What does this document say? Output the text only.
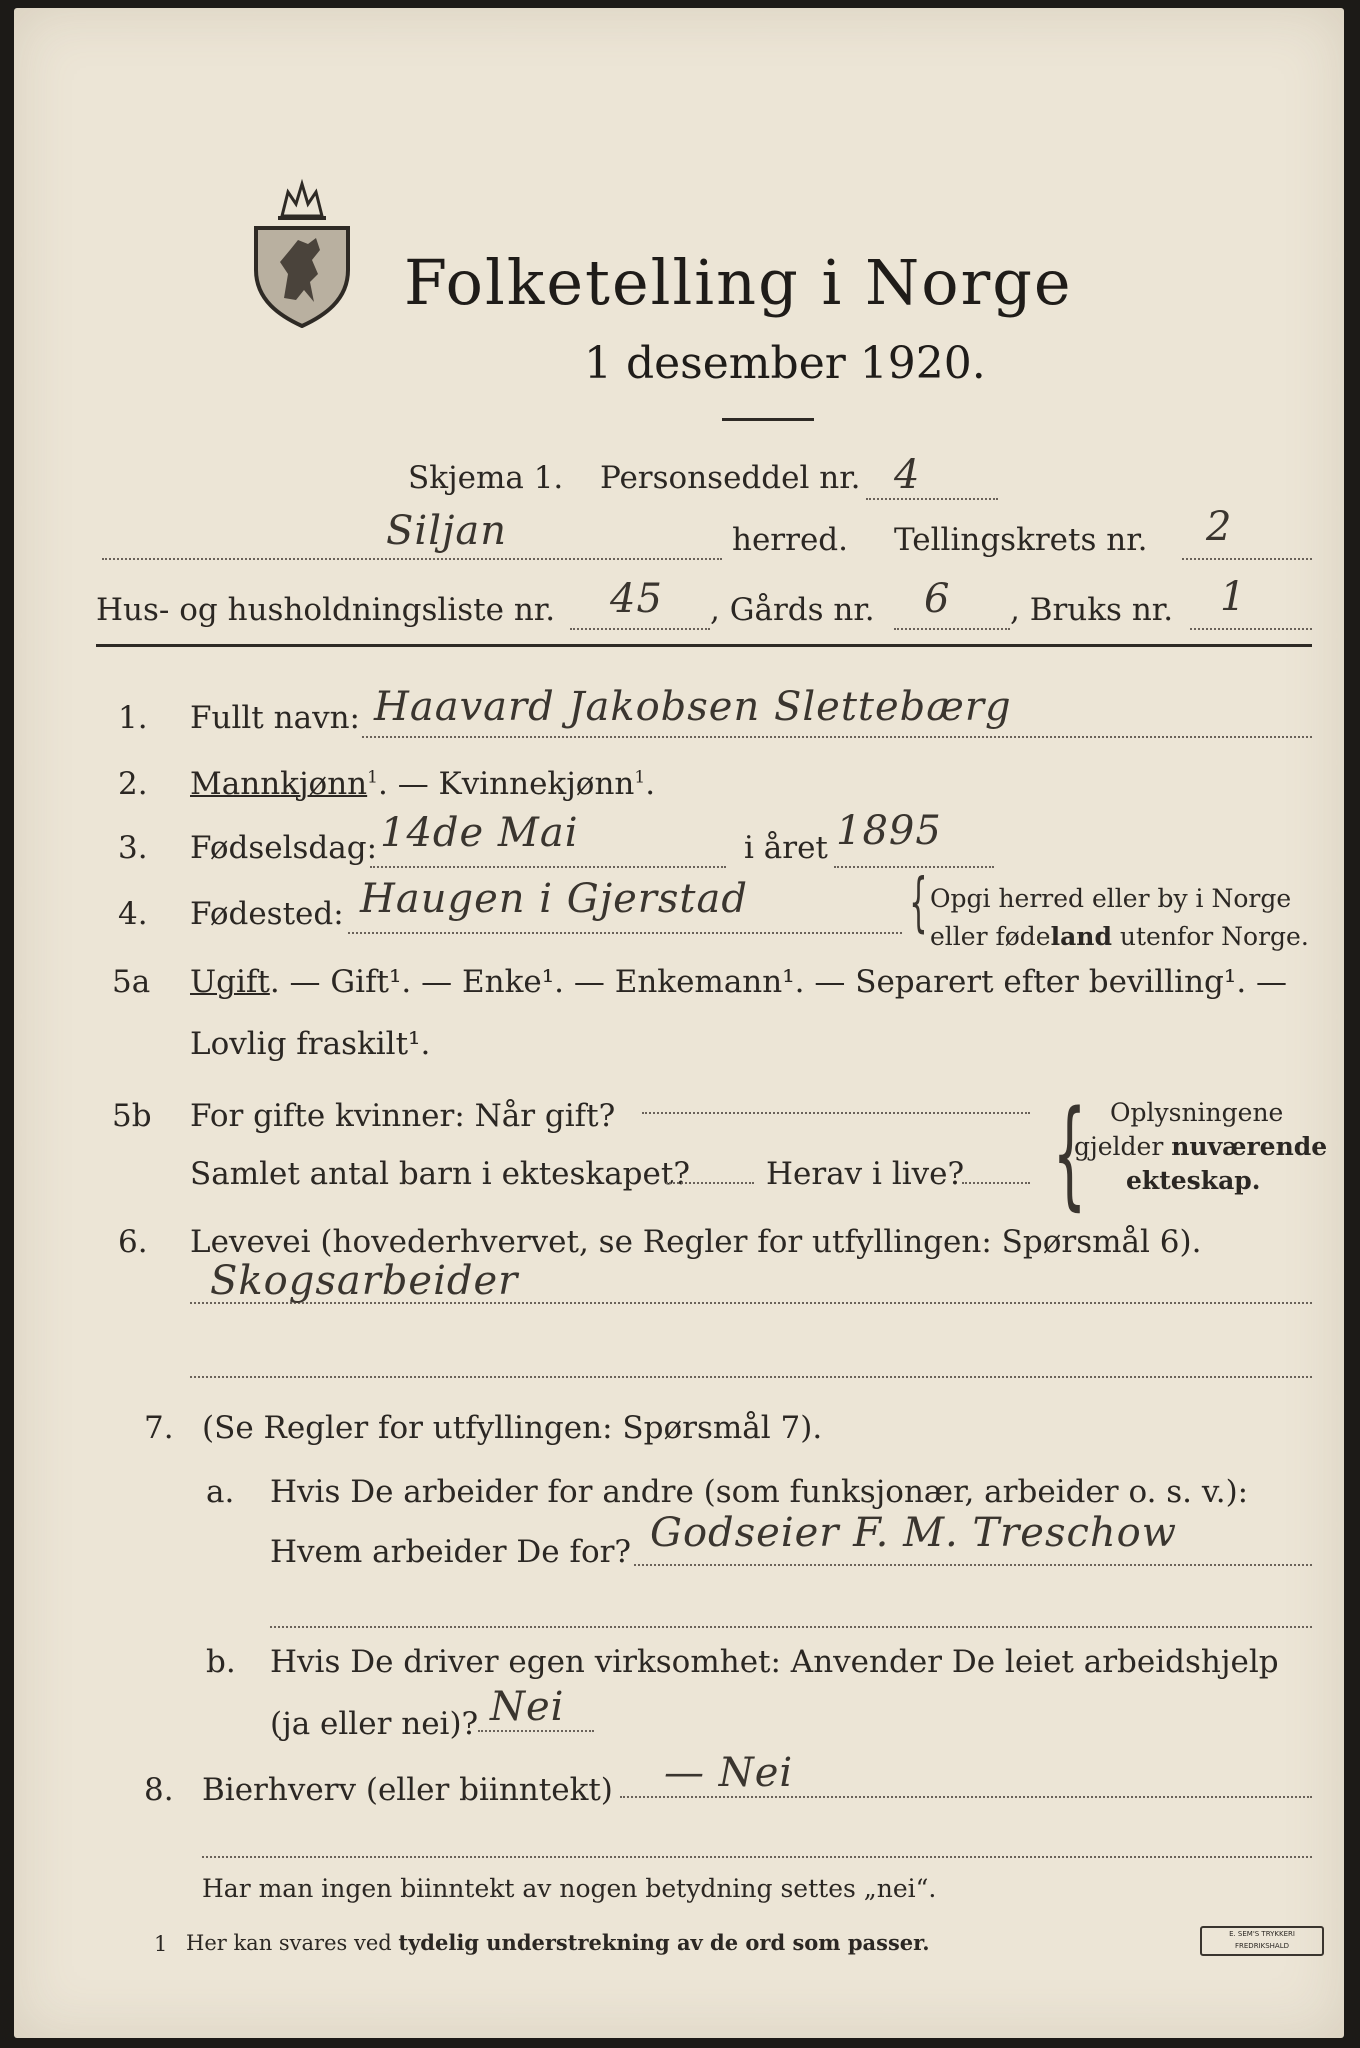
Folketelling i Norge
1 desember 1920.
Skjema 1. Personseddel nr. 4
Siljan	herred. Tellingskrets nr. 2
Hus- og husholdningsliste nr. 45 , Gårds nr. 6 , Bruks nr. 1
1. Fullt navn: Haavard Jakobsen Slettebærg
2. Mannkjønn$^1$. — Kvinnekjønn$^1$.
3. Fødselsdag: 14de Mai	i året 1895
4. Fødested: Haugen i Gjerstad	{ Opgi herred eller by i Norge
eller fødeland utenfor Norge.
5a Ugift. — Gift¹. — Enke¹. — Enkemann¹. — Separert efter bevilling¹. —
Lovlig fraskilt¹.
5b For gifte kvinner: Når gift?
Samlet antal barn i ekteskapet? Herav i live? { Oplysningene
gjelder nuværende
ekteskap.
6. Levevei (hovederhvervet, se Regler for utfyllingen: Spørsmål 6).
Skogsarbeider
7. (Se Regler for utfyllingen: Spørsmål 7).
a. Hvis De arbeider for andre (som funksjonær, arbeider o. s. v.):
Hvem arbeider De for? Godseier F. M. Treschow
b. Hvis De driver egen virksomhet: Anvender De leiet arbeidshjelp
(ja eller nei)? Nei
8. Bierhverv (eller biinntekt) — Nei
Har man ingen biinntekt av nogen betydning settes „nei“.
1 Her kan svares ved tydelig understrekning av de ord som passer.	E. SEM'S TRYKKERI FREDRIKSHALD
